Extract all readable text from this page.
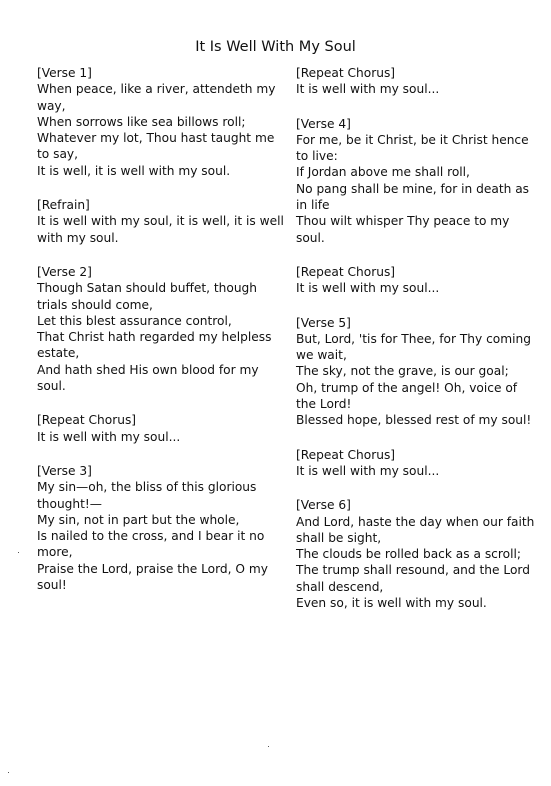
It Is Well With My Soul
[Verse 1]
When peace, like a river, attendeth my way,
When sorrows like sea billows roll;
Whatever my lot, Thou hast taught me to say,
It is well, it is well with my soul.
[Refrain]
It is well with my soul, it is well, it is well with my soul.
[Verse 2]
Though Satan should buffet, though trials should come,
Let this blest assurance control,
That Christ hath regarded my helpless estate,
And hath shed His own blood for my soul.
[Repeat Chorus]
It is well with my soul...
[Verse 3]
My sin—oh, the bliss of this glorious thought!—
My sin, not in part but the whole,
Is nailed to the cross, and I bear it no more,
Praise the Lord, praise the Lord, O my soul!
[Repeat Chorus]
It is well with my soul...
[Verse 4]
For me, be it Christ, be it Christ hence to live:
If Jordan above me shall roll,
No pang shall be mine, for in death as in life
Thou wilt whisper Thy peace to my soul.
[Repeat Chorus]
It is well with my soul...
[Verse 5]
But, Lord, 'tis for Thee, for Thy coming we wait,
The sky, not the grave, is our goal;
Oh, trump of the angel! Oh, voice of the Lord!
Blessed hope, blessed rest of my soul!
[Repeat Chorus]
It is well with my soul...
[Verse 6]
And Lord, haste the day when our faith shall be sight,
The clouds be rolled back as a scroll;
The trump shall resound, and the Lord shall descend,
Even so, it is well with my soul.
